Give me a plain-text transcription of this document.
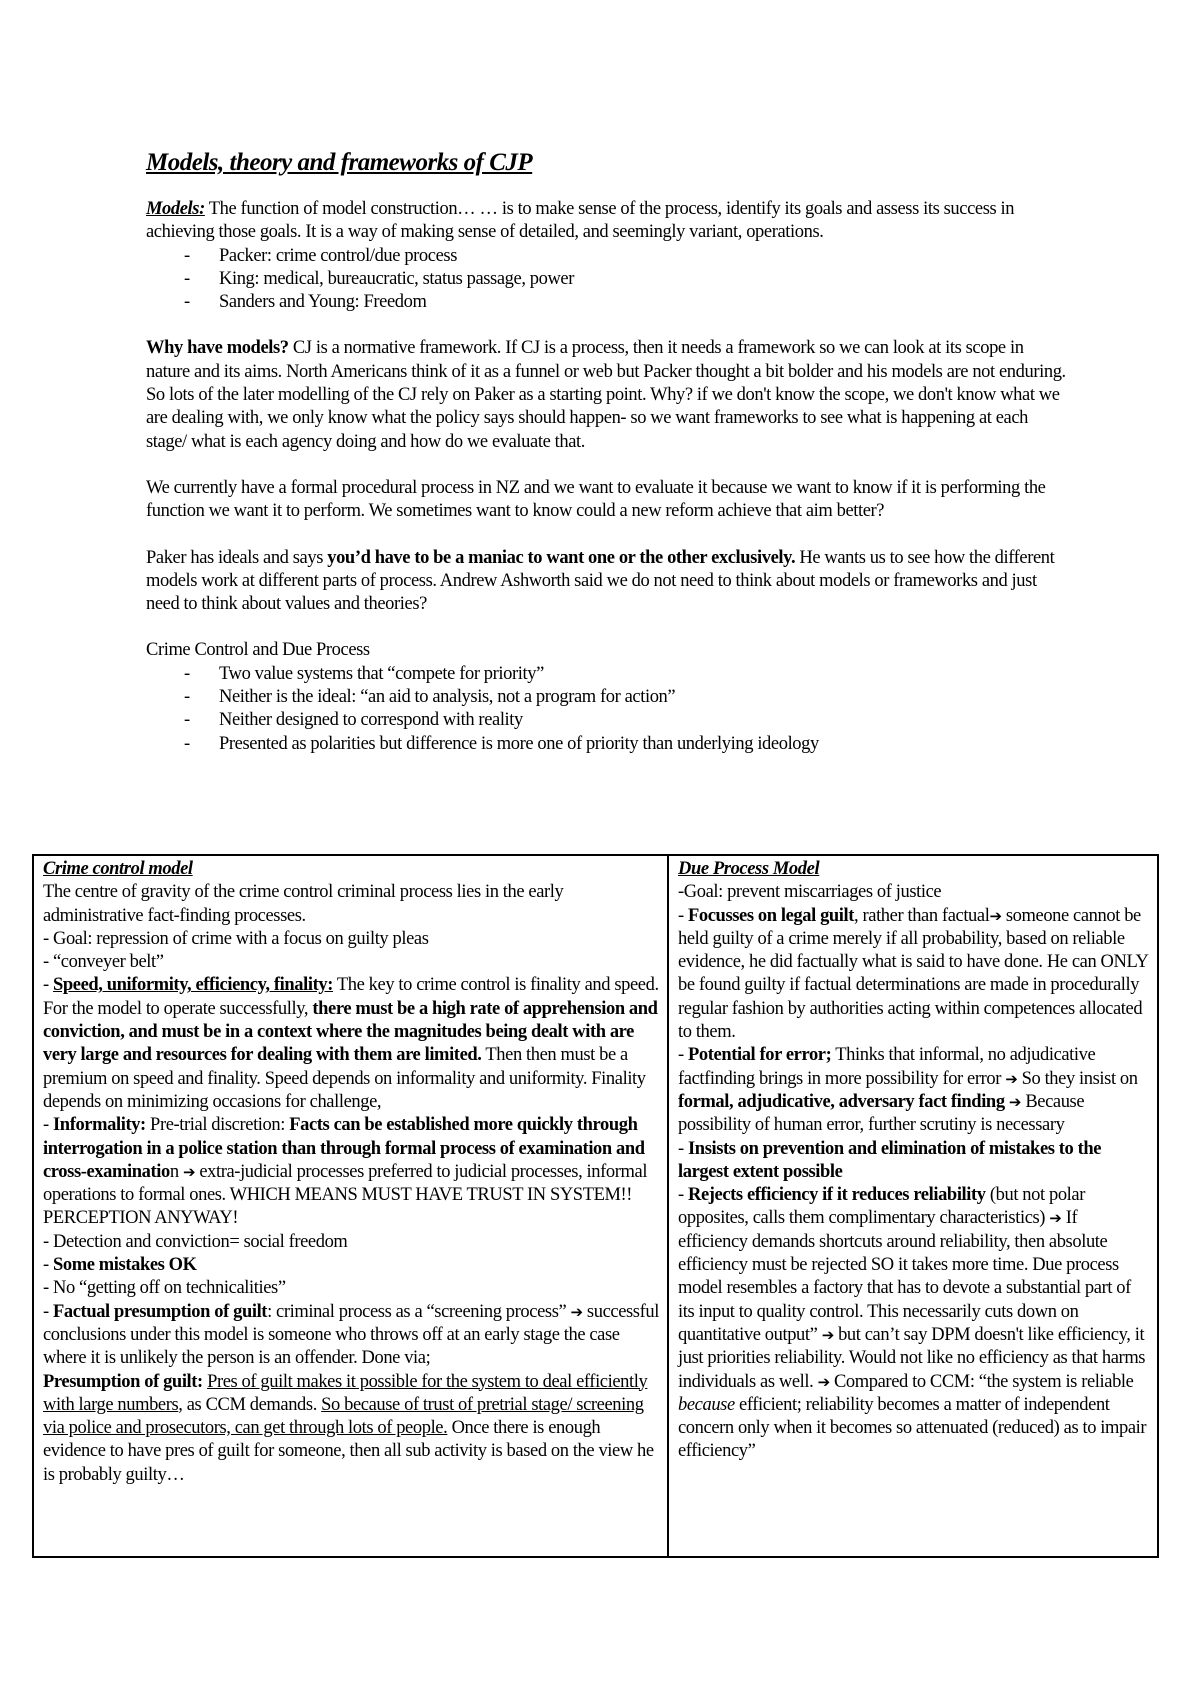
Models, theory and frameworks of CJP

Models: The function of model construction… … is to make sense of the process, identify its goals and assess its success in achieving those goals. It is a way of making sense of detailed, and seemingly variant, operations.

- Packer: crime control/due process
- King: medical, bureaucratic, status passage, power
- Sanders and Young: Freedom

Why have models? CJ is a normative framework. If CJ is a process, then it needs a framework so we can look at its scope in nature and its aims. North Americans think of it as a funnel or web but Packer thought a bit bolder and his models are not enduring. So lots of the later modelling of the CJ rely on Paker as a starting point. Why? if we don't know the scope, we don't know what we are dealing with, we only know what the policy says should happen- so we want frameworks to see what is happening at each stage/ what is each agency doing and how do we evaluate that.

We currently have a formal procedural process in NZ and we want to evaluate it because we want to know if it is performing the function we want it to perform. We sometimes want to know could a new reform achieve that aim better?

Paker has ideals and says you’d have to be a maniac to want one or the other exclusively. He wants us to see how the different models work at different parts of process. Andrew Ashworth said we do not need to think about models or frameworks and just need to think about values and theories?

Crime Control and Due Process

- Two value systems that “compete for priority”
- Neither is the ideal: “an aid to analysis, not a program for action”
- Neither designed to correspond with reality
- Presented as polarities but difference is more one of priority than underlying ideology

Crime control model

The centre of gravity of the crime control criminal process lies in the early administrative fact-finding processes.

- Goal: repression of crime with a focus on guilty pleas

- “conveyer belt”

- Speed, uniformity, efficiency, finality: The key to crime control is finality and speed. For the model to operate successfully, there must be a high rate of apprehension and conviction, and must be in a context where the magnitudes being dealt with are very large and resources for dealing with them are limited. Then then must be a premium on speed and finality. Speed depends on informality and uniformity. Finality depends on minimizing occasions for challenge,

- Informality: Pre-trial discretion: Facts can be established more quickly through interrogation in a police station than through formal process of examination and cross-examination ➔ extra-judicial processes preferred to judicial processes, informal operations to formal ones. WHICH MEANS MUST HAVE TRUST IN SYSTEM!! PERCEPTION ANYWAY!

- Detection and conviction= social freedom

- Some mistakes OK

- No “getting off on technicalities”

- Factual presumption of guilt: criminal process as a “screening process” ➔ successful conclusions under this model is someone who throws off at an early stage the case where it is unlikely the person is an offender. Done via;

Presumption of guilt: Pres of guilt makes it possible for the system to deal efficiently with large numbers, as CCM demands. So because of trust of pretrial stage/ screening via police and prosecutors, can get through lots of people. Once there is enough evidence to have pres of guilt for someone, then all sub activity is based on the view he is probably guilty…

Due Process Model

-Goal: prevent miscarriages of justice

- Focusses on legal guilt, rather than factual➔ someone cannot be held guilty of a crime merely if all probability, based on reliable evidence, he did factually what is said to have done. He can ONLY be found guilty if factual determinations are made in procedurally regular fashion by authorities acting within competences allocated to them.

- Potential for error; Thinks that informal, no adjudicative factfinding brings in more possibility for error ➔ So they insist on formal, adjudicative, adversary fact finding ➔ Because possibility of human error, further scrutiny is necessary

- Insists on prevention and elimination of mistakes to the largest extent possible

- Rejects efficiency if it reduces reliability (but not polar opposites, calls them complimentary characteristics) ➔ If efficiency demands shortcuts around reliability, then absolute efficiency must be rejected SO it takes more time. Due process model resembles a factory that has to devote a substantial part of its input to quality control. This necessarily cuts down on quantitative output” ➔ but can’t say DPM doesn't like efficiency, it just priorities reliability. Would not like no efficiency as that harms individuals as well. ➔ Compared to CCM: “the system is reliable because efficient; reliability becomes a matter of independent concern only when it becomes so attenuated (reduced) as to impair efficiency”
